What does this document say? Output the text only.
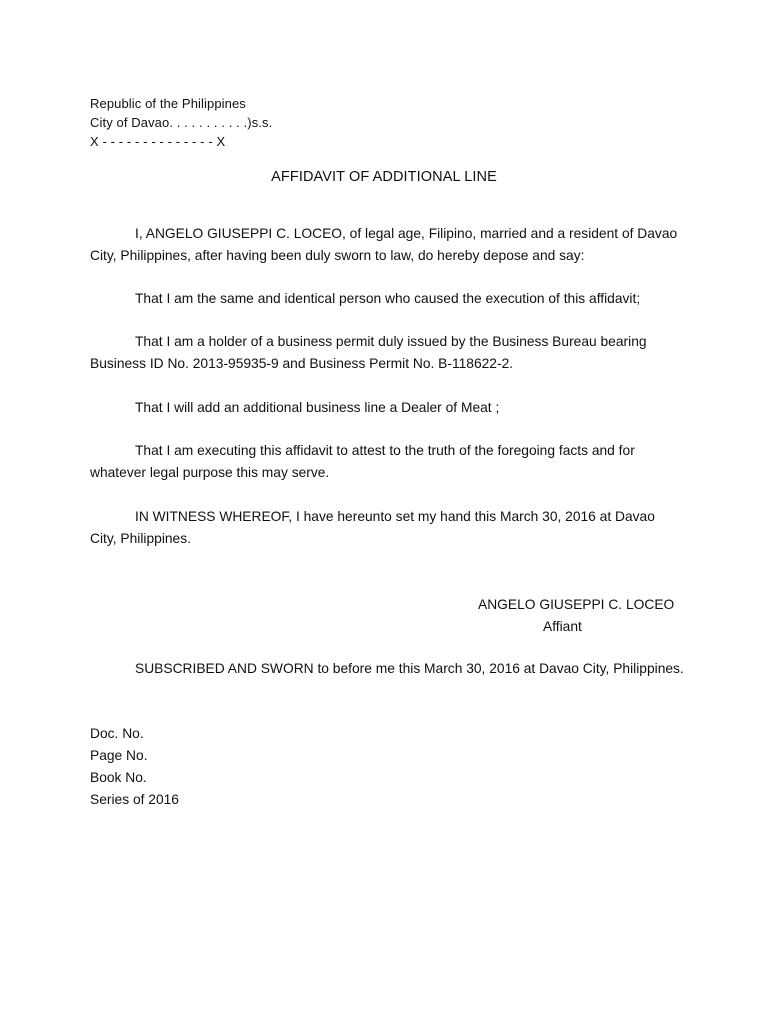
Republic of the Philippines
City of Davao. . . . . . . . . . .)s.s.
X - - - - - - - - - - - - - - X
AFFIDAVIT OF ADDITIONAL LINE
I, ANGELO GIUSEPPI C. LOCEO, of legal age, Filipino, married and a resident of Davao City, Philippines, after having been duly sworn to law, do hereby depose and say:
That I am the same and identical person who caused the execution of this affidavit;
That I am a holder of a business permit duly issued by the Business Bureau bearing Business ID No. 2013-95935-9 and Business Permit No. B-118622-2.
That I will add an additional business line a Dealer of Meat ;
That I am executing this affidavit to attest to the truth of the foregoing facts and for whatever legal purpose this may serve.
IN WITNESS WHEREOF, I have hereunto set my hand this March 30, 2016 at Davao City, Philippines.
ANGELO GIUSEPPI C. LOCEO
Affiant
SUBSCRIBED AND SWORN to before me this March 30, 2016 at Davao City, Philippines.
Doc. No.
Page No.
Book No.
Series of 2016
